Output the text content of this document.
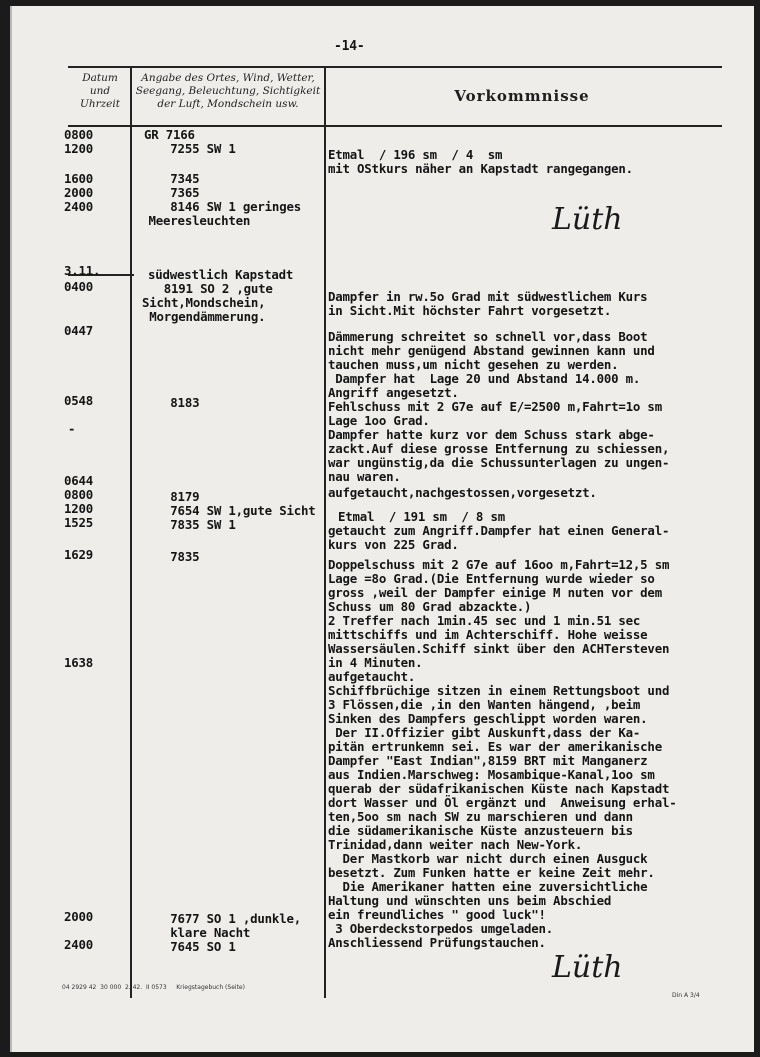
-14-
Datum
und
Uhrzeit
Angabe des Ortes, Wind, Wetter,
Seegang, Beleuchtung, Sichtigkeit
der Luft, Mondschein usw.	Vorkommnisse
0800
1200
1600
2000
2400
3.11.
0400
0447
0548
-
0644
0800
1200
1525
1629
1638
2000
2400
GR 7166
7255 SW 1
7345
7365
8146 SW 1 geringes
Meeresleuchten
südwestlich Kapstadt
8191 SO 2 ,gute
Sicht,Mondschein,
Morgendämmerung.
8183
8179
7654 SW 1,gute Sicht
7835 SW 1
7835
7677 SO 1 ,dunkle,
klare Nacht
7645 SO 1
Etmal  / 196 sm  / 4  sm
mit OStkurs näher an Kapstadt rangegangen.
Lüth
Dampfer in rw.5o Grad mit südwestlichem Kurs
in Sicht.Mit höchster Fahrt vorgesetzt.
Dämmerung schreitet so schnell vor,dass Boot
nicht mehr genügend Abstand gewinnen kann und
tauchen muss,um nicht gesehen zu werden.
Dampfer hat  Lage 20 und Abstand 14.000 m.
Angriff angesetzt.
Fehlschuss mit 2 G7e auf E/=2500 m,Fahrt=1o sm
Lage 1oo Grad.
Dampfer hatte kurz vor dem Schuss stark abge-
zackt.Auf diese grosse Entfernung zu schiessen,
war ungünstig,da die Schussunterlagen zu ungen-
nau waren.
aufgetaucht,nachgestossen,vorgesetzt.
Etmal  / 191 sm  / 8 sm
getaucht zum Angriff.Dampfer hat einen General-
kurs von 225 Grad.
Doppelschuss mit 2 G7e auf 16oo m,Fahrt=12,5 sm
Lage =8o Grad.(Die Entfernung wurde wieder so
gross ,weil der Dampfer einige M nuten vor dem
Schuss um 80 Grad abzackte.)
2 Treffer nach 1min.45 sec und 1 min.51 sec
mittschiffs und im Achterschiff. Hohe weisse
Wassersäulen.Schiff sinkt über den ACHTersteven
in 4 Minuten.
aufgetaucht.
Schiffbrüchige sitzen in einem Rettungsboot und
3 Flössen,die ,in den Wanten hängend, ,beim
Sinken des Dampfers geschlippt worden waren.
Der II.Offizier gibt Auskunft,dass der Ka-
pitän ertrunkemn sei. Es war der amerikanische
Dampfer "East Indian",8159 BRT mit Manganerz
aus Indien.Marschweg: Mosambique-Kanal,1oo sm
querab der südafrikanischen Küste nach Kapstadt
dort Wasser und Öl ergänzt und  Anweisung erhal-
ten,5oo sm nach SW zu marschieren und dann
die südamerikanische Küste anzusteuern bis
Trinidad,dann weiter nach New-York.
Der Mastkorb war nicht durch einen Ausguck
besetzt. Zum Funken hatte er keine Zeit mehr.
Die Amerikaner hatten eine zuversichtliche
Haltung und wünschten uns beim Abschied
ein freundliches " good luck"!
3 Oberdeckstorpedos umgeladen.
Anschliessend Prüfungstauchen.
Lüth
04 2929 42  30 000  2. 42.  II 0573     Kriegstagebuch (Seite)
Din A 3/4
